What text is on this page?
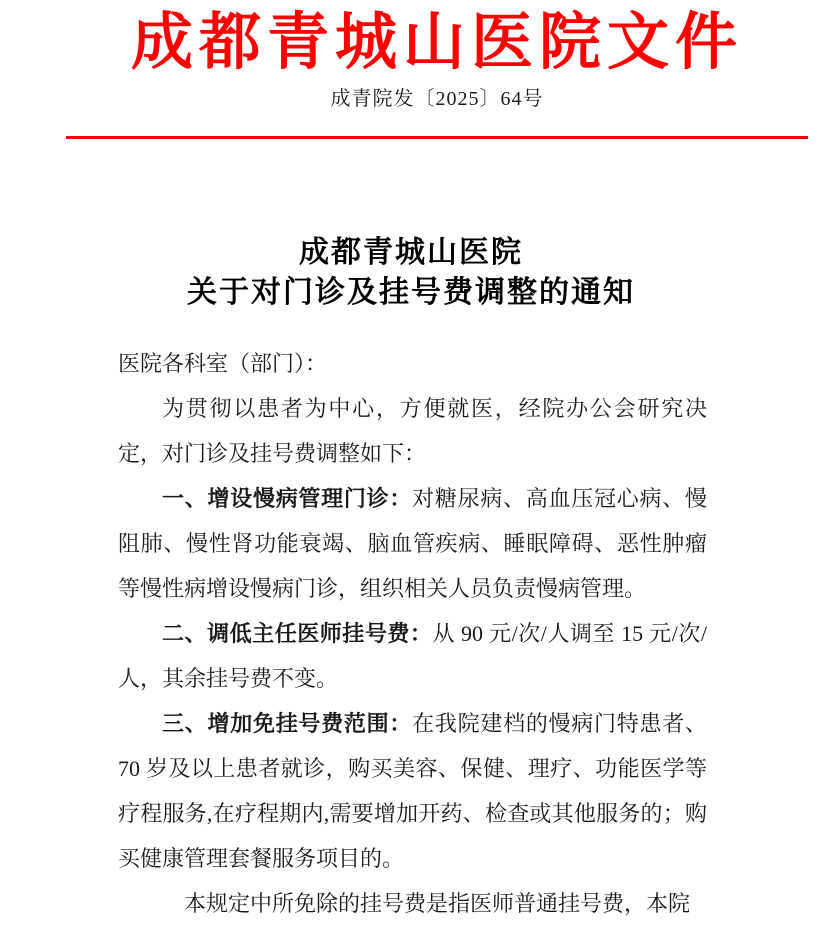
成都青城山医院文件
成青院发〔2025〕64号
成都青城山医院
关于对门诊及挂号费调整的通知

医院各科室（部门）：

为贯彻以患者为中心，方便就医，经院办公会研究决定，对门诊及挂号费调整如下：

一、增设慢病管理门诊：对糖尿病、高血压冠心病、慢阻肺、慢性肾功能衰竭、脑血管疾病、睡眠障碍、恶性肿瘤等慢性病增设慢病门诊，组织相关人员负责慢病管理。

二、调低主任医师挂号费：从 90 元/次/人调至 15 元/次/人，其余挂号费不变。

三、增加免挂号费范围：在我院建档的慢病门特患者、70 岁及以上患者就诊，购买美容、保健、理疗、功能医学等疗程服务,在疗程期内,需要增加开药、检查或其他服务的；购买健康管理套餐服务项目的。

本规定中所免除的挂号费是指医师普通挂号费，本院
